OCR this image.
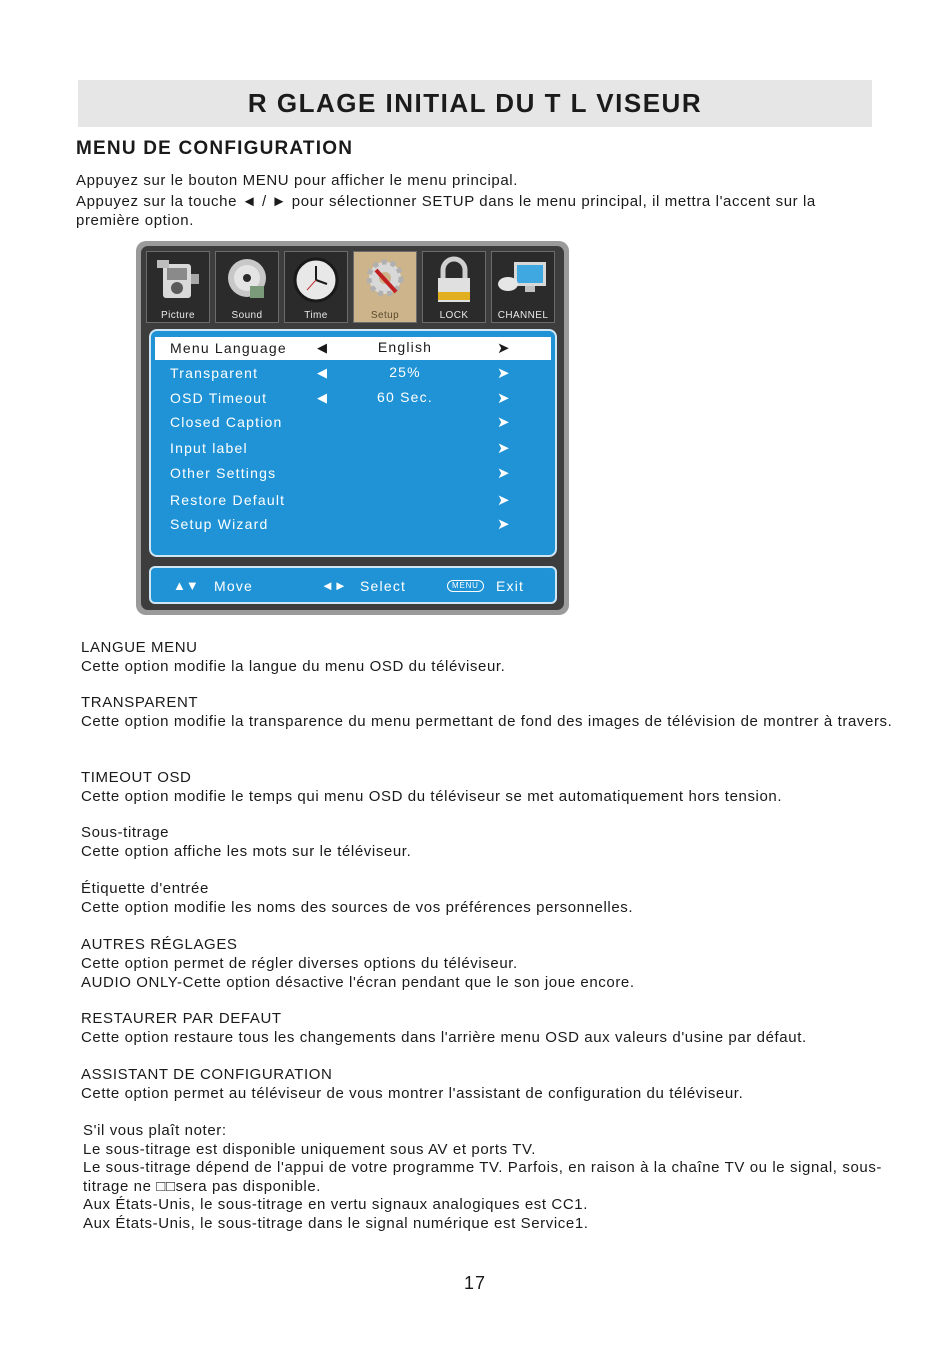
R GLAGE INITIAL DU T L VISEUR
MENU DE CONFIGURATION

Appuyez sur le bouton MENU pour afficher le menu principal.

Appuyez sur la touche ◄ / ► pour sélectionner SETUP dans le menu principal, il mettra l'accent sur la première option.

Picture	Sound	Time	Setup	LOCK	CHANNEL
Menu Language ◀	English	➤
Transparent	◀	25%	➤
OSD Timeout	◀	60 Sec.	➤
Closed Caption	➤
Input label	➤
Other Settings	➤
Restore Default	➤
Setup Wizard	➤
▲▼ Move	◄► Select	MENU	Exit

LANGUE MENU

Cette option modifie la langue du menu OSD du téléviseur.

TRANSPARENT

Cette option modifie la transparence du menu permettant de fond des images de télévision de montrer à travers.

TIMEOUT OSD

Cette option modifie le temps qui menu OSD du téléviseur se met automatiquement hors tension.

Sous-titrage

Cette option affiche les mots sur le téléviseur.

Étiquette d'entrée

Cette option modifie les noms des sources de vos préférences personnelles.

AUTRES RÉGLAGES

Cette option permet de régler diverses options du téléviseur.

AUDIO ONLY-Cette option désactive l'écran pendant que le son joue encore.

RESTAURER PAR DEFAUT

Cette option restaure tous les changements dans l'arrière menu OSD aux valeurs d'usine par défaut.

ASSISTANT DE CONFIGURATION

Cette option permet au téléviseur de vous montrer l'assistant de configuration du téléviseur.

S'il vous plaît noter:

Le sous-titrage est disponible uniquement sous AV et ports TV.

Le sous-titrage dépend de l'appui de votre programme TV. Parfois, en raison à la chaîne TV ou le signal, sous-titrage ne □□sera pas disponible.

Aux États-Unis, le sous-titrage en vertu signaux analogiques est CC1.

Aux États-Unis, le sous-titrage dans le signal numérique est Service1.

17
